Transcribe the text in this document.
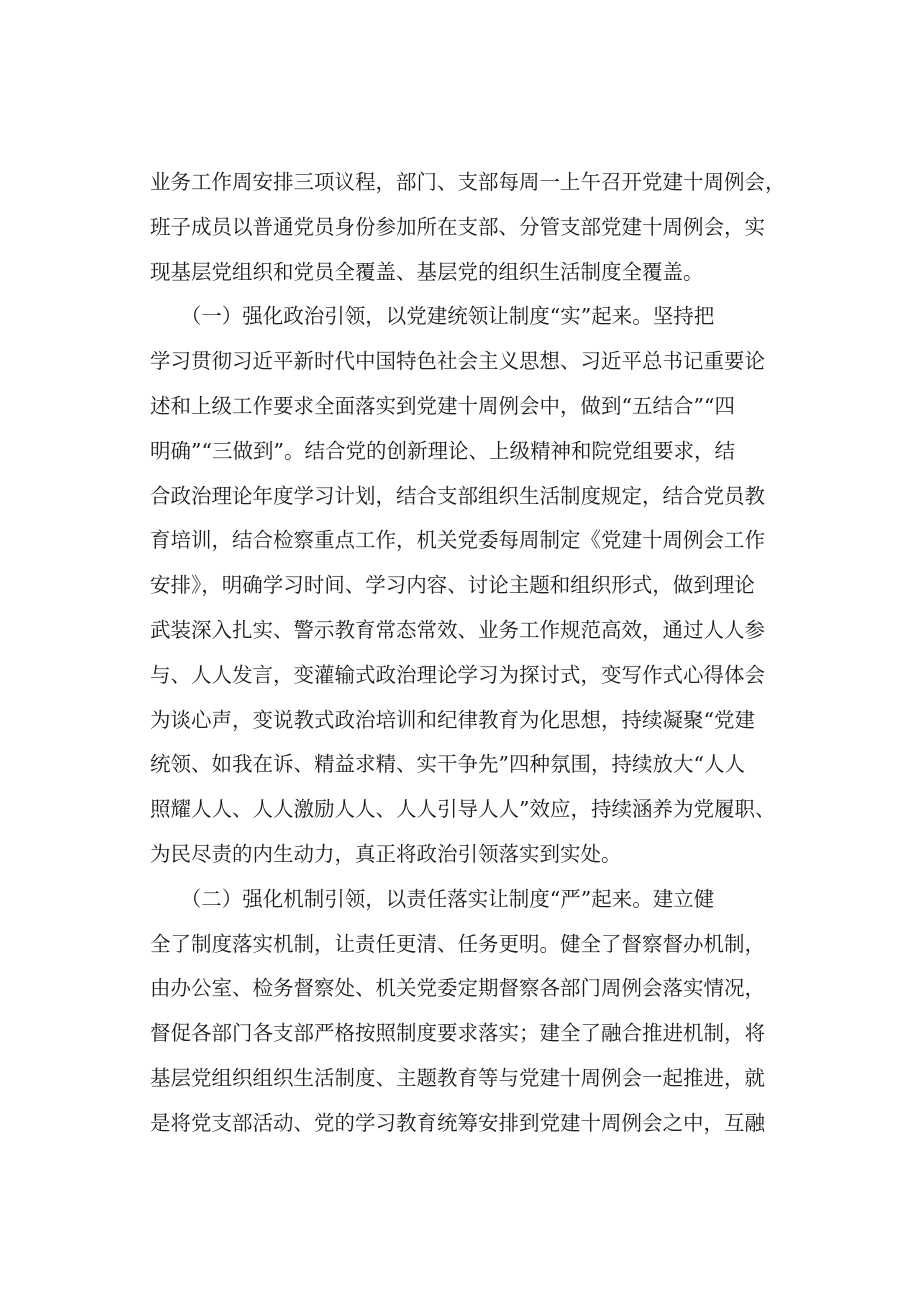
业务工作周安排三项议程，部门、支部每周一上午召开党建十周例会，
班子成员以普通党员身份参加所在支部、分管支部党建十周例会，实
现基层党组织和党员全覆盖、基层党的组织生活制度全覆盖。
　　（一）强化政治引领，以党建统领让制度“实”起来。坚持把
学习贯彻习近平新时代中国特色社会主义思想、习近平总书记重要论
述和上级工作要求全面落实到党建十周例会中，做到“五结合”“四
明确”“三做到”。结合党的创新理论、上级精神和院党组要求，结
合政治理论年度学习计划，结合支部组织生活制度规定，结合党员教
育培训，结合检察重点工作，机关党委每周制定《党建十周例会工作
安排》，明确学习时间、学习内容、讨论主题和组织形式，做到理论
武装深入扎实、警示教育常态常效、业务工作规范高效，通过人人参
与、人人发言，变灌输式政治理论学习为探讨式，变写作式心得体会
为谈心声，变说教式政治培训和纪律教育为化思想，持续凝聚“党建
统领、如我在诉、精益求精、实干争先”四种氛围，持续放大“人人
照耀人人、人人激励人人、人人引导人人”效应，持续涵养为党履职、
为民尽责的内生动力，真正将政治引领落实到实处。
　　（二）强化机制引领，以责任落实让制度“严”起来。建立健
全了制度落实机制，让责任更清、任务更明。健全了督察督办机制，
由办公室、检务督察处、机关党委定期督察各部门周例会落实情况，
督促各部门各支部严格按照制度要求落实；建全了融合推进机制，将
基层党组织组织生活制度、主题教育等与党建十周例会一起推进，就
是将党支部活动、党的学习教育统筹安排到党建十周例会之中，互融
